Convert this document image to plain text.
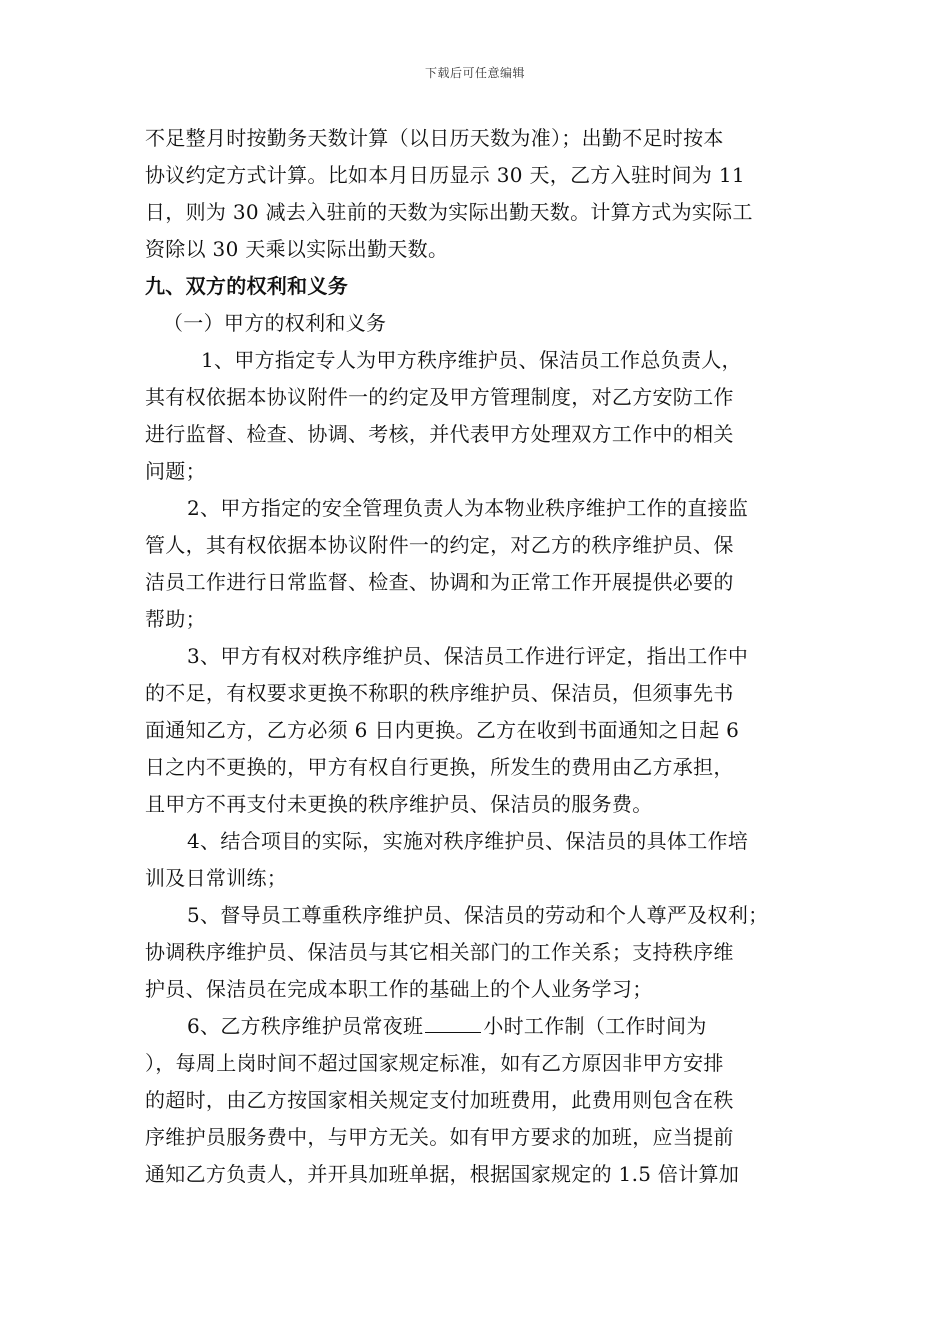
下载后可任意编辑
不足整月时按勤务天数计算（以日历天数为准）；出勤不足时按本
协议约定方式计算。比如本月日历显示 30 天，乙方入驻时间为 11
日，则为 30 减去入驻前的天数为实际出勤天数。计算方式为实际工
资除以 30 天乘以实际出勤天数。
九、双方的权利和义务
（一）甲方的权利和义务
1、甲方指定专人为甲方秩序维护员、保洁员工作总负责人，
其有权依据本协议附件一的约定及甲方管理制度，对乙方安防工作
进行监督、检查、协调、考核，并代表甲方处理双方工作中的相关
问题；
2、甲方指定的安全管理负责人为本物业秩序维护工作的直接监
管人，其有权依据本协议附件一的约定，对乙方的秩序维护员、保
洁员工作进行日常监督、检查、协调和为正常工作开展提供必要的
帮助；
3、甲方有权对秩序维护员、保洁员工作进行评定，指出工作中
的不足，有权要求更换不称职的秩序维护员、保洁员，但须事先书
面通知乙方，乙方必须 6 日内更换。乙方在收到书面通知之日起 6
日之内不更换的，甲方有权自行更换，所发生的费用由乙方承担，
且甲方不再支付未更换的秩序维护员、保洁员的服务费。
4、结合项目的实际，实施对秩序维护员、保洁员的具体工作培
训及日常训练；
5、督导员工尊重秩序维护员、保洁员的劳动和个人尊严及权利；
协调秩序维护员、保洁员与其它相关部门的工作关系；支持秩序维
护员、保洁员在完成本职工作的基础上的个人业务学习；
6、乙方秩序维护员常夜班	小时工作制（工作时间为
），每周上岗时间不超过国家规定标准，如有乙方原因非甲方安排
的超时，由乙方按国家相关规定支付加班费用，此费用则包含在秩
序维护员服务费中，与甲方无关。如有甲方要求的加班，应当提前
通知乙方负责人，并开具加班单据，根据国家规定的 1.5 倍计算加
